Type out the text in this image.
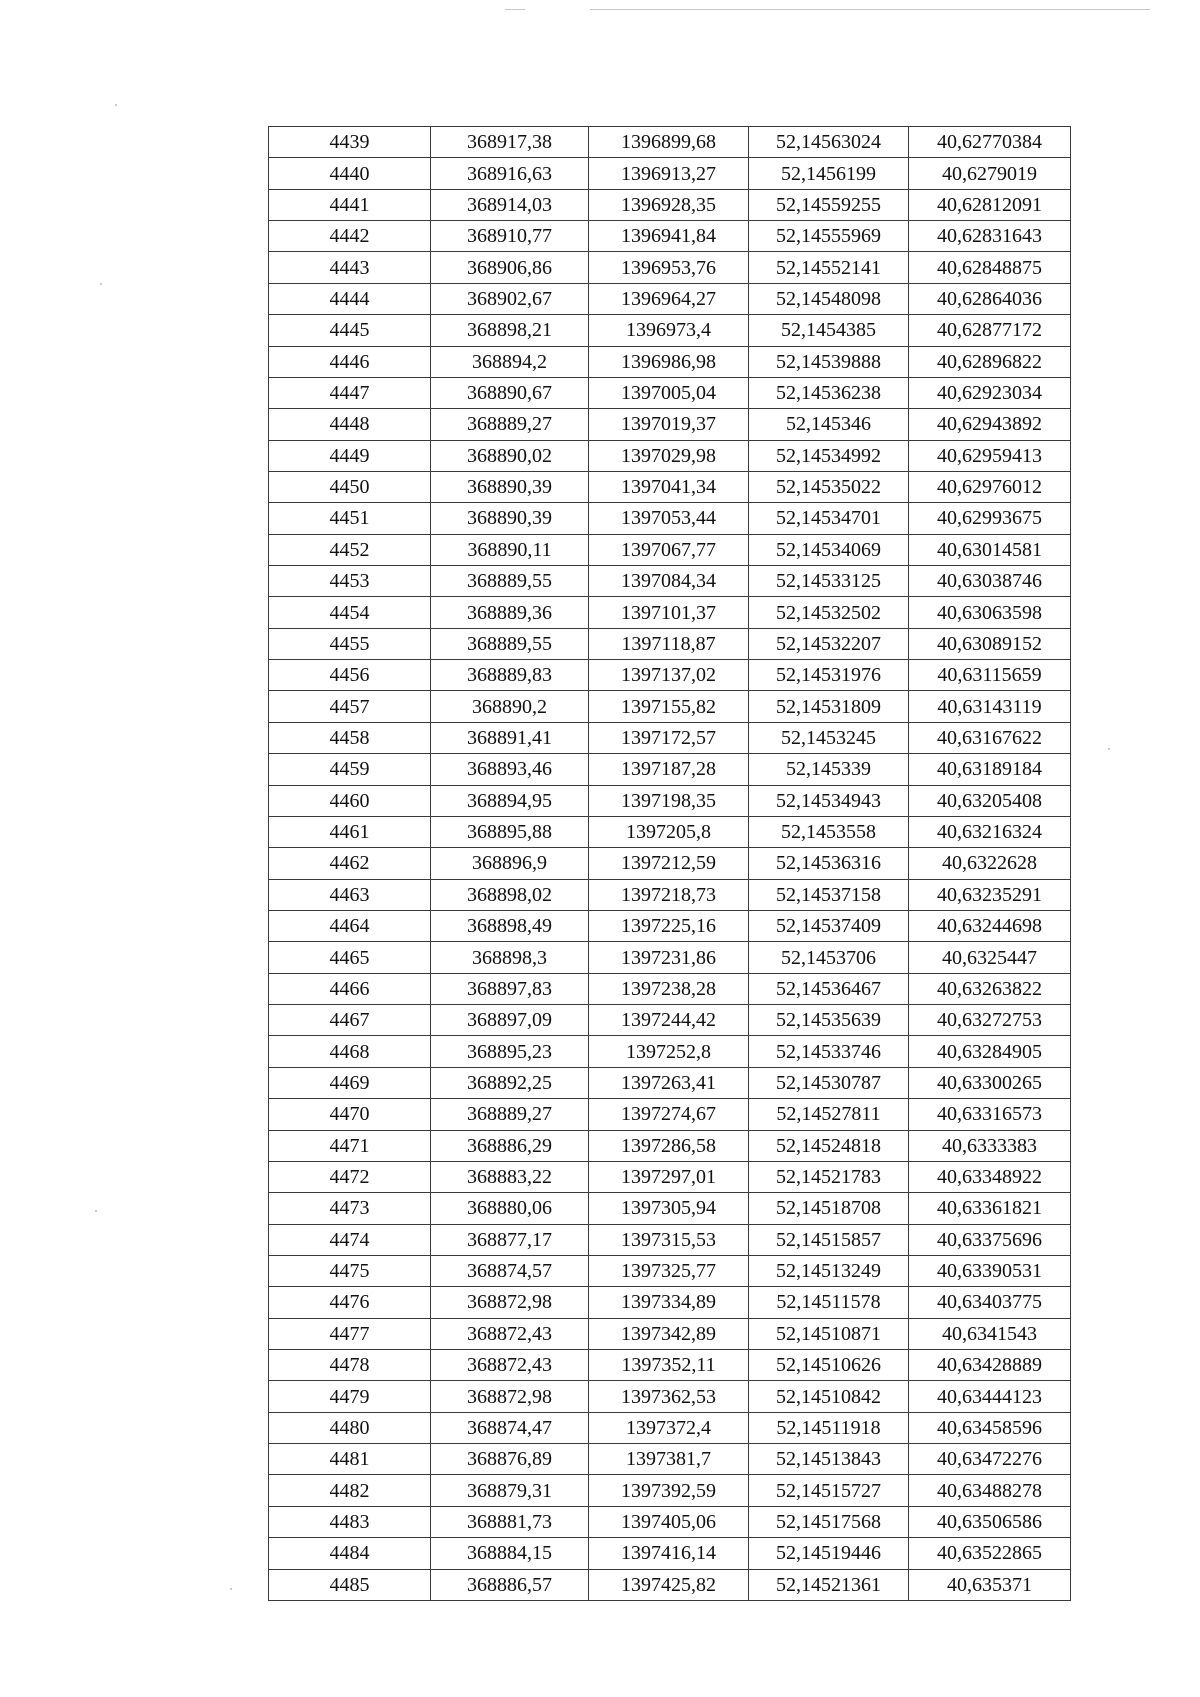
4439	368917,38	1396899,68	52,14563024	40,62770384
4440	368916,63	1396913,27	52,1456199	40,6279019
4441	368914,03	1396928,35	52,14559255	40,62812091
4442	368910,77	1396941,84	52,14555969	40,62831643
4443	368906,86	1396953,76	52,14552141	40,62848875
4444	368902,67	1396964,27	52,14548098	40,62864036
4445	368898,21	1396973,4	52,1454385	40,62877172
4446	368894,2	1396986,98	52,14539888	40,62896822
4447	368890,67	1397005,04	52,14536238	40,62923034
4448	368889,27	1397019,37	52,145346	40,62943892
4449	368890,02	1397029,98	52,14534992	40,62959413
4450	368890,39	1397041,34	52,14535022	40,62976012
4451	368890,39	1397053,44	52,14534701	40,62993675
4452	368890,11	1397067,77	52,14534069	40,63014581
4453	368889,55	1397084,34	52,14533125	40,63038746
4454	368889,36	1397101,37	52,14532502	40,63063598
4455	368889,55	1397118,87	52,14532207	40,63089152
4456	368889,83	1397137,02	52,14531976	40,63115659
4457	368890,2	1397155,82	52,14531809	40,63143119
4458	368891,41	1397172,57	52,1453245	40,63167622
4459	368893,46	1397187,28	52,145339	40,63189184
4460	368894,95	1397198,35	52,14534943	40,63205408
4461	368895,88	1397205,8	52,1453558	40,63216324
4462	368896,9	1397212,59	52,14536316	40,6322628
4463	368898,02	1397218,73	52,14537158	40,63235291
4464	368898,49	1397225,16	52,14537409	40,63244698
4465	368898,3	1397231,86	52,1453706	40,6325447
4466	368897,83	1397238,28	52,14536467	40,63263822
4467	368897,09	1397244,42	52,14535639	40,63272753
4468	368895,23	1397252,8	52,14533746	40,63284905
4469	368892,25	1397263,41	52,14530787	40,63300265
4470	368889,27	1397274,67	52,14527811	40,63316573
4471	368886,29	1397286,58	52,14524818	40,6333383
4472	368883,22	1397297,01	52,14521783	40,63348922
4473	368880,06	1397305,94	52,14518708	40,63361821
4474	368877,17	1397315,53	52,14515857	40,63375696
4475	368874,57	1397325,77	52,14513249	40,63390531
4476	368872,98	1397334,89	52,14511578	40,63403775
4477	368872,43	1397342,89	52,14510871	40,6341543
4478	368872,43	1397352,11	52,14510626	40,63428889
4479	368872,98	1397362,53	52,14510842	40,63444123
4480	368874,47	1397372,4	52,14511918	40,63458596
4481	368876,89	1397381,7	52,14513843	40,63472276
4482	368879,31	1397392,59	52,14515727	40,63488278
4483	368881,73	1397405,06	52,14517568	40,63506586
4484	368884,15	1397416,14	52,14519446	40,63522865
4485	368886,57	1397425,82	52,14521361	40,635371
